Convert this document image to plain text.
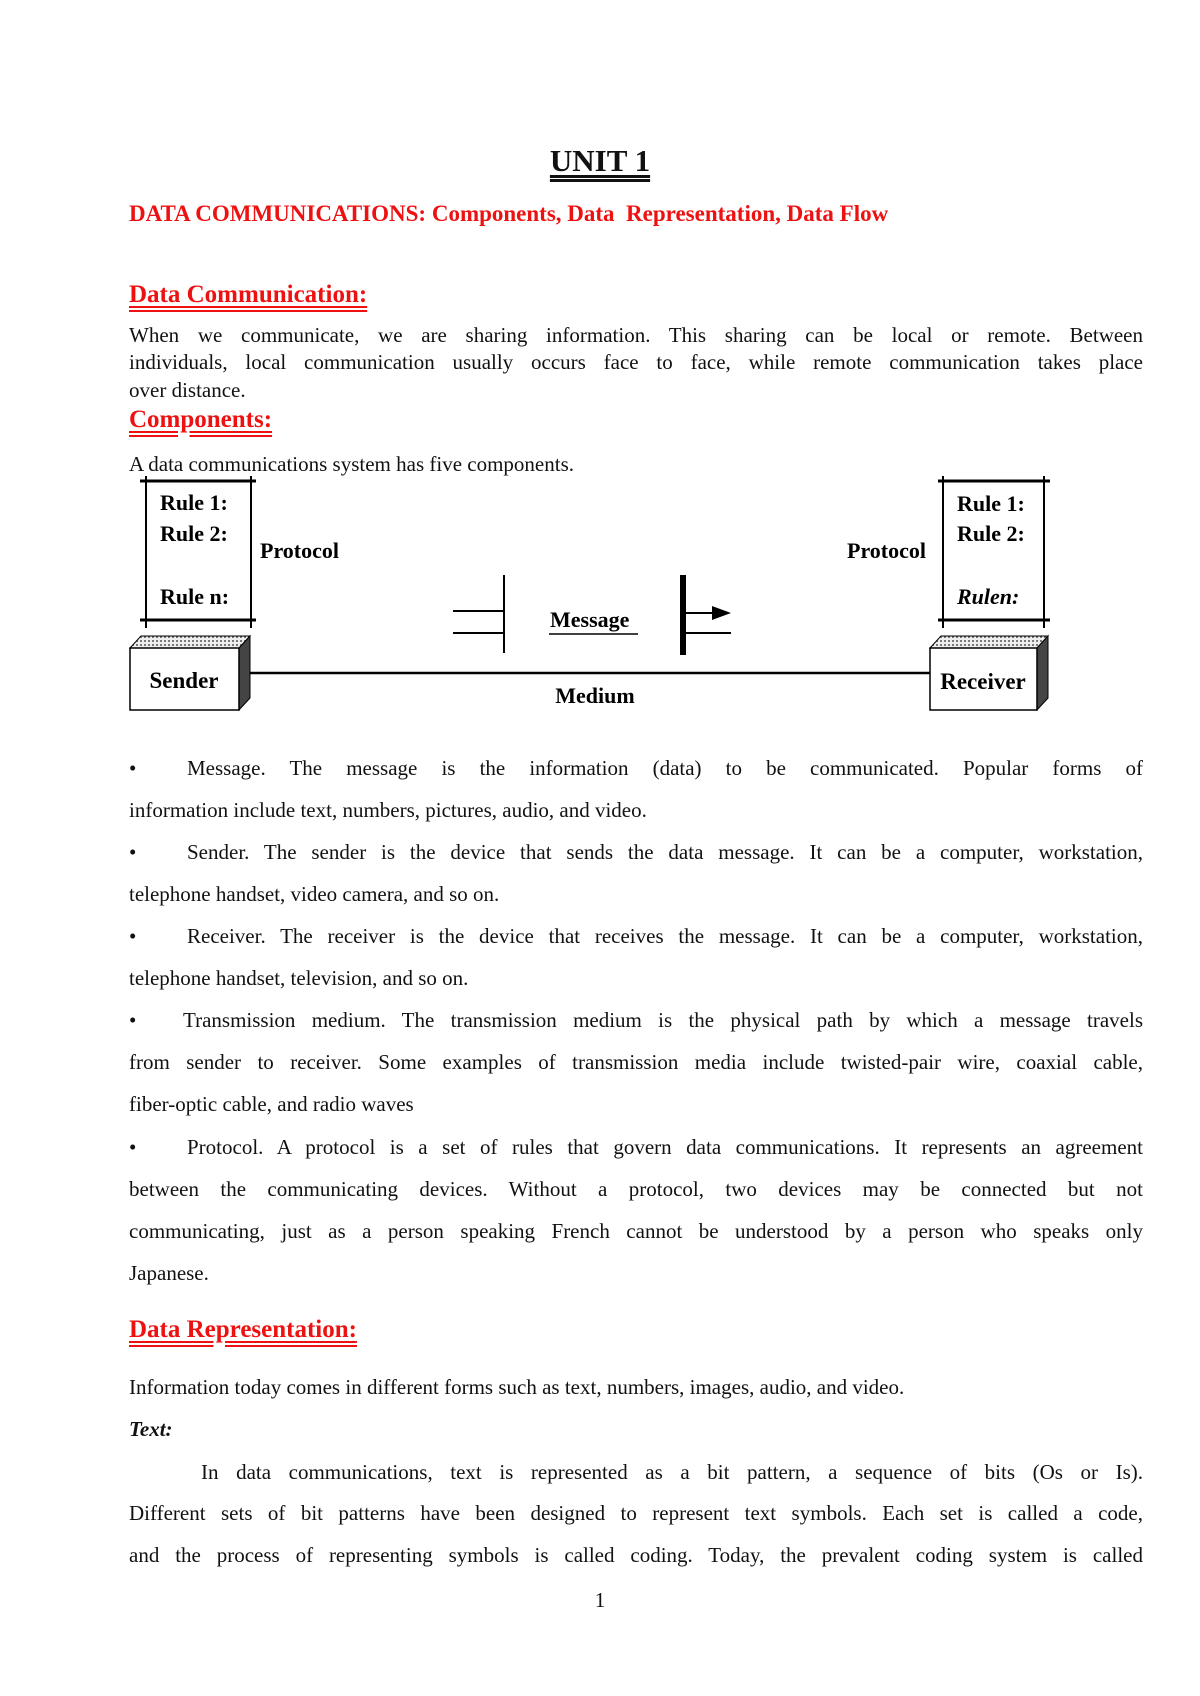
UNIT 1
DATA COMMUNICATIONS: Components, Data  Representation, Data Flow
Data Communication:
When we communicate, we are sharing information. This sharing can be local or remote. Between
individuals, local communication usually occurs face to face, while remote communication takes place
over distance.
Components:
A data communications system has five components.
Rule 1:
Rule 2:
Rule n:
Rule 1:
Rule 2:
Rulen:
Protocol	Protocol
Message
Sender	Receiver
Medium
• Message. The message is the information (data) to be communicated. Popular forms of
information include text, numbers, pictures, audio, and video.
• Sender. The sender is the device that sends the data message. It can be a computer, workstation,
telephone handset, video camera, and so on.
• Receiver. The receiver is the device that receives the message. It can be a computer, workstation,
telephone handset, television, and so on.
• Transmission medium. The transmission medium is the physical path by which a message travels
from sender to receiver. Some examples of transmission media include twisted-pair wire, coaxial cable,
fiber-optic cable, and radio waves
• Protocol. A protocol is a set of rules that govern data communications. It represents an agreement
between the communicating devices. Without a protocol, two devices may be connected but not
communicating, just as a person speaking French cannot be understood by a person who speaks only
Japanese.
Data Representation:
Information today comes in different forms such as text, numbers, images, audio, and video.
Text:
In data communications, text is represented as a bit pattern, a sequence of bits (Os or Is).
Different sets of bit patterns have been designed to represent text symbols. Each set is called a code,
and the process of representing symbols is called coding. Today, the prevalent coding system is called
1
